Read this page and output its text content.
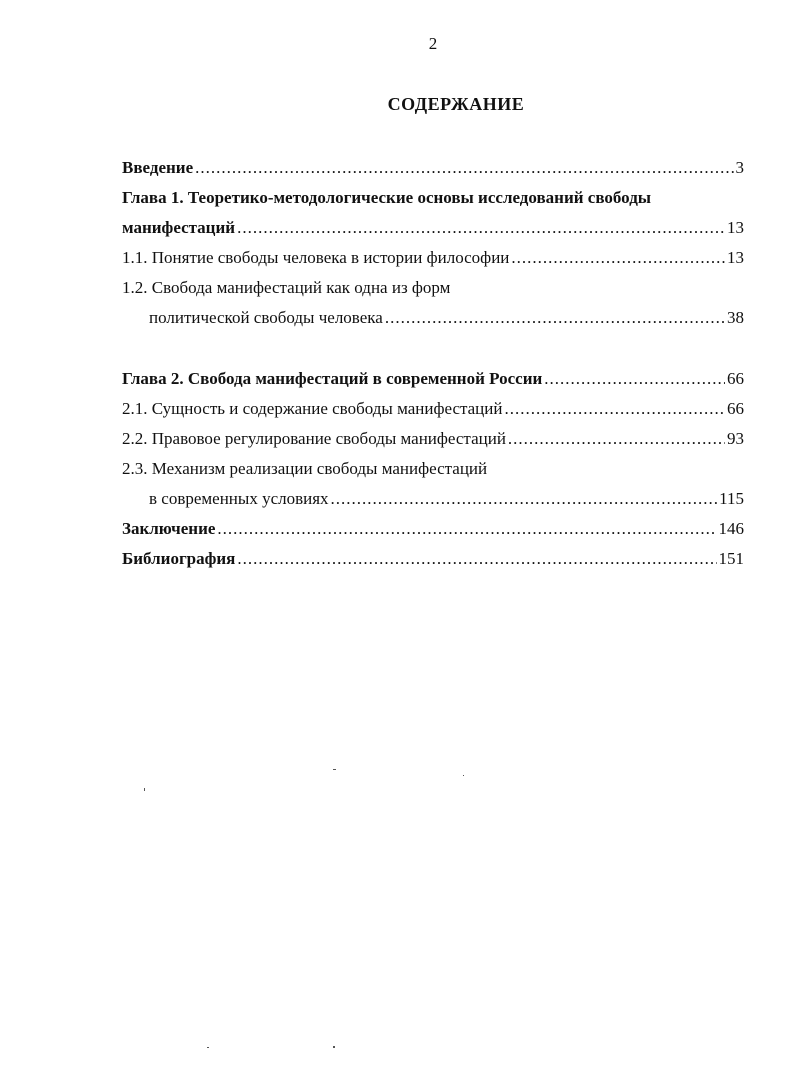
2
СОДЕРЖАНИЕ
Введение .....	3
Глава 1. Теоретико-методологические основы исследований свободы
манифестаций .....	13
1.1. Понятие свободы человека в истории философии .....	13
1.2. Свобода манифестаций как одна из форм
политической свободы человека .....	38
Глава 2. Свобода манифестаций в современной России .....	66
2.1. Сущность и содержание свободы манифестаций .....	66
2.2. Правовое регулирование свободы манифестаций .....	93
2.3. Механизм реализации свободы манифестаций
в современных условиях .....	115
Заключение .....	146
Библиография .....	151
